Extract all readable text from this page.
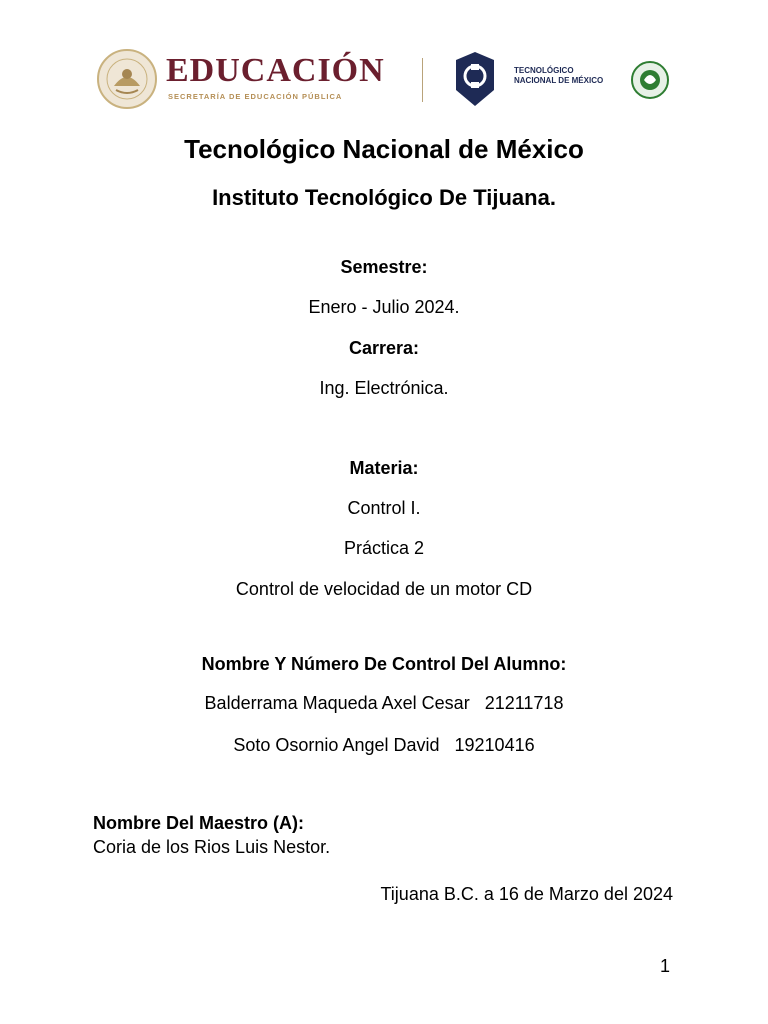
EDUCACIÓN
SECRETARÍA DE EDUCACIÓN PÚBLICA
TECNOLÓGICO
NACIONAL DE MÉXICO
Tecnológico Nacional de México
Instituto Tecnológico De Tijuana.
Semestre:
Enero - Julio 2024.
Carrera:
Ing. Electrónica.
Materia:
Control I.
Práctica 2
Control de velocidad de un motor CD
Nombre Y Número De Control Del Alumno:
Balderrama Maqueda Axel Cesar 21211718
Soto Osornio Angel David 19210416
Nombre Del Maestro (A):
Coria de los Rios Luis Nestor.
Tijuana B.C. a 16 de Marzo del 2024
1
